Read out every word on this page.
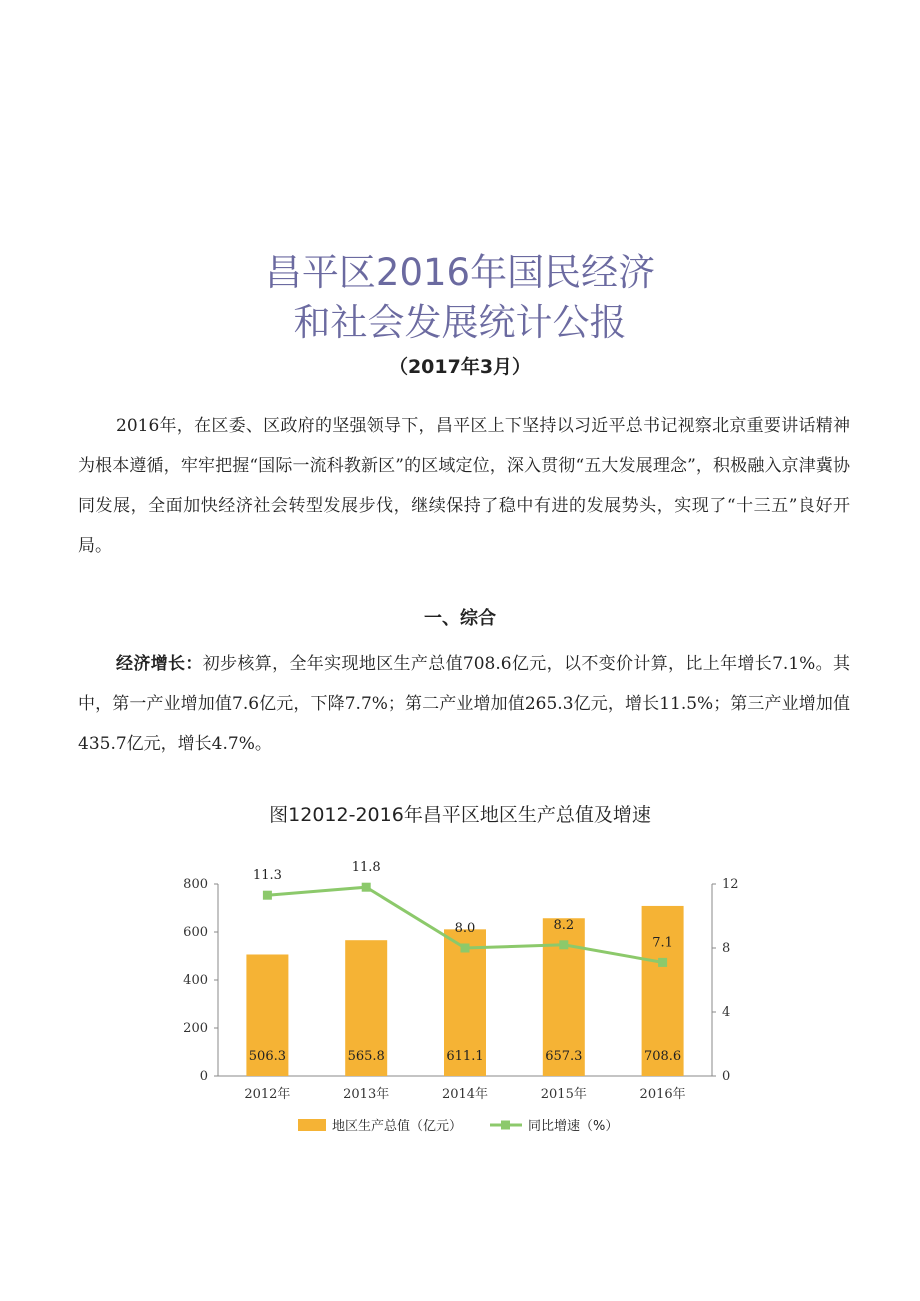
昌平区2016年国民经济
和社会发展统计公报
（2017年3月）

2016年，在区委、区政府的坚强领导下，昌平区上下坚持以习近平总书记视察北京重要讲话精神为根本遵循，牢牢把握“国际一流科教新区”的区域定位，深入贯彻“五大发展理念”，积极融入京津冀协同发展，全面加快经济社会转型发展步伐，继续保持了稳中有进的发展势头，实现了“十三五”良好开局。

一、综合

经济增长：初步核算，全年实现地区生产总值708.6亿元，以不变价计算，比上年增长7.1%。其中，第一产业增加值7.6亿元，下降7.7%；第二产业增加值265.3亿元，增长11.5%；第三产业增加值435.7亿元，增长4.7%。

图12012-2016年昌平区地区生产总值及增速
0
200
400
600
800
0
4
8
12
506.3
2012年
565.8
2013年
611.1
2014年
657.3
2015年
708.6
2016年
11.3
11.8
8.0	8.2
7.1
地区生产总值（亿元）	同比增速（%）
